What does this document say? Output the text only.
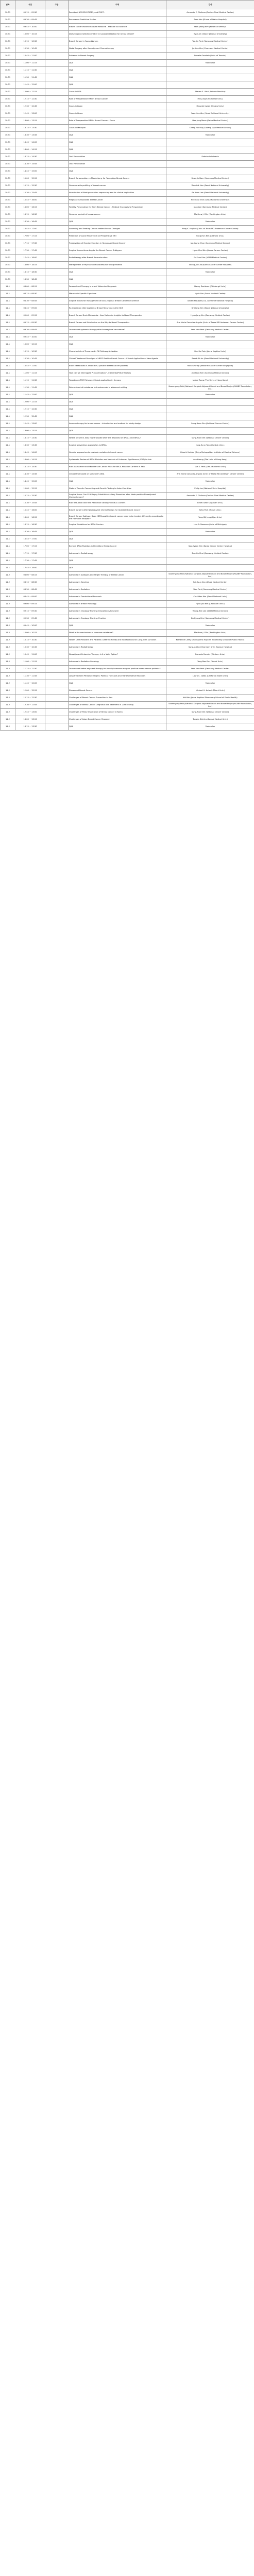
날짜	시간	구분	주제	강사
10.31	09:15 ~ 09:30		Results of ACOSOG Z0011, and Z1071	Armando E. Giuliano (Cedars-Sinai Medical Center)
10.31	09:30 ~ 09:45		Recurrence Predictive Marker	Soon Yoo (Prince of Wales Hospital)
10.31	09:45 ~ 10:00		Breast cancer evidence-based medicine - Practice to Evidence	Yeon-Jeong Kim (Yonsei University)
10.31	10:00 ~ 10:15		Does surgeon selection matter in surgical resection for breast cancer?	Hyun-Jin (Seoul National University)
10.31	10:15 ~ 10:30		Breast Cancer in Young Women	Yoo-Jin Park (Samsung Medical Center)
10.31	10:30 ~ 10:45		Nodal Surgery after Neoadjuvant Chemotherapy	Jin-Hee Kim (Chonnam Medical Center)
10.31	10:45 ~ 11:00		Evidence in Breast Surgery	Pamela Goodwin (Univ. of Toronto)
10.31	11:00 ~ 11:15		Q&A	Moderator
10.31	11:15 ~ 11:30		Q&A	
10.31	11:30 ~ 11:45		Q&A	
10.31	11:45 ~ 12:00		Q&A	
10.31	12:00 ~ 12:15		Cases in USA	Steven E. Vidal (Private Practice)
10.31	12:15 ~ 12:30		Role of Preoperative MRI in Breast Cancer	Min-Jung Kim (Yonsei Univ.)
10.31	12:30 ~ 12:45		Cases in Japan	Hiroyuki Iwase (Kyushu Univ.)
10.31	12:45 ~ 13:00		Cases in Korea	Yoon-Hee Ahn (Seoul National University)
10.31	13:00 ~ 13:15		Role of Preoperative MRI in Breast Cancer - Korea	Hee-Jung Moon (Ewha Medical Center)
10.31	13:15 ~ 13:30		Cases in Malaysia	Cheng Hae Yip (Subang Jaya Medical Center)
10.31	13:30 ~ 13:45		Q&A	Moderator
10.31	13:45 ~ 14:00		Q&A	
10.31	14:00 ~ 14:15		Q&A	
10.31	14:15 ~ 14:30		Oral Presentation	Selected abstracts
10.31	14:30 ~ 14:45		Oral Presentation	
10.31	14:45 ~ 15:00		Q&A	
10.31	15:00 ~ 15:15		Breast Conservation vs Mastectomy for Young Age Breast Cancer	Seok-Jin Nam (Samsung Medical Center)
10.31	15:15 ~ 15:30		Genome-wide profiling of breast cancer	Wonshik Han (Seoul National University)
10.31	15:30 ~ 15:45		Introduction of Next generation sequencing and its clinical implication	Se-Hoon Lee (Seoul National University)
10.31	15:45 ~ 16:00		Pregnancy-associated Breast Cancer	Hee-Chul Shin (Seoul National University)
10.31	16:00 ~ 16:15		Fertility Preservation for Early Breast Cancer - Medical Oncologist's Perspectives	Jean Lee (Samsung Medical Center)
10.31	16:15 ~ 16:30		Genomic portrait of breast cancer	Matthew J. Ellis (Washington Univ.)
10.31	16:30 ~ 16:45		Q&A	Moderator
10.31	16:45 ~ 17:00		Assessing and Treating Cancer-related Sexual Changes	Mary K. Hughes (Univ. of Texas MD Anderson Cancer Center)
10.31	17:00 ~ 17:15		Prediction of Local Recurrence on Preoperative MRI	Sung-Hun Kim (Catholic Univ.)
10.31	17:15 ~ 17:30		Preservation of Ovarian Function in Young Age Breast Cancer	Joo-Young Chun (Samsung Medical Center)
10.31	17:30 ~ 17:45		Surgical Issues According to the Breast Cancer Subtypes	Hyun-Chul Kim (Korea Cancer Center)
10.31	17:45 ~ 18:00		Radiotherapy after Breast Reconstruction	Su Ssan Kim (ASAN Medical Center)
10.31	18:00 ~ 18:15		Management of Psycho-social Distress for Young Patients	Seong-Jin Cho (Korea Cancer Center Hospital)
10.31	18:15 ~ 18:30		Q&A	Moderator
10.31	18:30 ~ 18:45		Q&A	
11.1	08:00 ~ 08:15		Personalized Therapy in era of Molecular Diagnosis	Nancy Davidson (Pittsburgh Univ.)
11.1	08:15 ~ 08:30		Metastasis Specific Signature	Hyuk Son (Seoul Medical Center)
11.1	08:30 ~ 08:45		Surgical Issues for Management of local-regional Breast Cancer Recurrence	Gilbert Mousset (CSL Loire International Hospital)
11.1	08:45 ~ 09:00		Re-irradiation after ipsilateral Breast Recurrence after BCS	Ghi-Yong Kim (Seoul National University)
11.1	09:00 ~ 09:15		Breast Cancer Brain Metastasis - How Molecular Insights to Novel Therapeutics	Hyun-Jong Kim (Samsung Medical Center)
11.1	09:15 ~ 09:30		Breast Cancer and Metabolism on the Way to Novel Therapeutics	Ana Maria Gonzalez-Angulo (Univ. of Texas MD Anderson Cancer Center)
11.1	09:30 ~ 09:45		Do we need systemic therapy after locoregional recurrence?	Yeon Hee Park (Samsung Medical Center)
11.1	09:45 ~ 10:00		Q&A	Moderator
11.1	10:00 ~ 10:15		Q&A	
11.1	10:15 ~ 10:30		Characteristic of Tumors with PIK Pathway Activation	Ben Ho Park (Johns Hopkins Univ.)
11.1	10:30 ~ 10:45		Clinical Treatment Paradigm of HER2 Positive Breast Cancer - Clinical Application of New Agents	Seock-Ah Im (Seoul National University)
11.1	10:45 ~ 11:00		Brain Metastases in Asian HER2-positive breast cancer patients	Yoon-Sim Yap (National Cancer Centre Singapore)
11.1	11:00 ~ 11:15		How can we interrogate PI3K activation? - Elements/PI3K Inhibitors	Jin-Hwan Kim (Samsung Medical Center)
11.1	11:15 ~ 11:30		Targeting mTOR Pathway: Clinical application in therapy	Janice Tsang (The Univ. of Hong Kong)
11.1	11:30 ~ 11:45		Determinant of resistance to trastuzumab in advanced setting	Soonmyung Paik (National Surgical Adjuvant Breast and Bowel Project/NSABP Foundation, Inc.)
11.1	11:45 ~ 12:00		Q&A	Moderator
11.1	12:00 ~ 12:15		Q&A	
11.1	12:15 ~ 12:30		Q&A	
11.1	12:30 ~ 12:45		Q&A	
11.1	12:45 ~ 13:00		Immunotherapy for breast cancer - introduction and method for study design	Sung-Hoon Sim (National Cancer Center)
11.1	13:00 ~ 13:15		Q&A	
11.1	13:15 ~ 13:30		Where are we in Asia, how translate after the discovery of BRCA1 and BRCA2	Sung-Yoon Kim (National Cancer Center)
11.1	13:30 ~ 13:45		Surgical prevention approaches to BRCA	Jung-Hyun Yang (Konkuk Univ.)
11.1	13:45 ~ 14:00		Genetic approaches to evaluate mutation in breast cancer	Hiroshi Yoshida (Tokyo Metropolitan Institute of Medical Science)
11.1	14:00 ~ 14:15		Systematic Review of BRCA Mutation and Variants of Unknown Significance (VUS) in Asia	Ava Kwong (The Univ. of Hong Kong)
11.1	14:15 ~ 14:30		Risk Assessment and Modifiers of Cancer Risks for BRCA Mutation Carriers in Asia	Sue K. Park (Seoul National Univ.)
11.1	14:30 ~ 14:45		Clinical trial based on someone's DNA	Ana Maria Gonzalez-Angulo (Univ. of Texas MD Anderson Cancer Center)
11.1	14:45 ~ 15:00		Q&A	Moderator
11.1	15:00 ~ 15:15		State of Genetic Counseling and Genetic Testing in Asian Countries	Philip Iau (National Univ. Hospital)
11.1	15:15 ~ 15:30		Surgical Issue: Can SLN Biopsy Substitute Axillary Dissection after Node-positive Neoadjuvant Chemotherapy?	Armando E. Giuliano (Cedars-Sinai Medical Center)
11.1	15:30 ~ 15:45		Risk Reduction and Risk Reduction Strategy in BRCA Carriers	Beom-Seok Ko (Ulsan Univ.)
11.1	15:45 ~ 16:00		Breast Surgery after Neoadjuvant Chemotherapy for Operable Breast Cancer	Seho Park (Yonsei Univ.)
11.1	16:00 ~ 16:15		Breast Cancer Subtype: Does HER2-positive breast cancer need to be treated differently according to the Hormone receptor?	Yong-Sik Jung (Ajou Univ.)
11.1	16:15 ~ 16:30		Surgical Guidelines for BRCA Carriers	Lisa A. Newman (Univ. of Michigan)
11.1	16:30 ~ 16:45		Q&A	Moderator
11.1	16:45 ~ 17:00		Q&A	
11.1	17:00 ~ 17:15		Beyond BRCA Mutation in Hereditary Breast Cancer	Soo-Hyeon Kim (Korea Cancer Center Hospital)
11.1	17:15 ~ 17:30		Advances in Radiotherapy	Doo Ho Choi (Samsung Medical Center)
11.1	17:30 ~ 17:45		Q&A	
11.1	17:45 ~ 18:00		Q&A	
11.2	08:00 ~ 08:15		Advances in Subtypes and Target Therapy of Breast Cancer	Soonmyung Paik (National Surgical Adjuvant Breast and Bowel Project/NSABP Foundation, Inc.)
11.2	08:15 ~ 08:30		Advances in Genetics	Sei-Hyun Ahn (ASAN Medical Center)
11.2	08:30 ~ 08:45		Advances in Radiation	Won Park (Samsung Medical Center)
11.2	08:45 ~ 09:00		Advances in Translational Research	Chul-Woo Kim (Seoul National Univ.)
11.2	09:00 ~ 09:15		Advances in Breast Pathology	Hyun-Joo Kim (Chonnam Univ.)
11.2	09:15 ~ 09:30		Advances in Oncology Nursing: Education & Research	Young-Hee Lee (ASAN Medical Center)
11.2	09:30 ~ 09:45		Advances in Oncology Nursing: Practice	Bo Kyung Kim (Samsung Medical Center)
11.2	09:45 ~ 10:00		Q&A	Moderator
11.2	10:00 ~ 10:15		What is the mechanism of hormone resistance?	Matthew J. Ellis (Washington Univ.)
11.2	10:15 ~ 10:30		Health Care Providers and Patients: Different Needs and Modifications for Long-Term Survivors	Katherine Carey Smith (Johns Hopkins Bloomberg School of Public Health)
11.2	10:30 ~ 10:45		Advances in Radiotherapy	Sung-Ja Ahn (Chonnam Univ. Hwasun Hospital)
11.2	10:45 ~ 11:00		Neoadjuvant Endocrine Therapy: Is It a Valid Option?	Francois Mercier (Western Univ.)
11.2	11:00 ~ 11:15		Advances in Radiation Oncology	Yong Bae Kim (Yonsei Univ.)
11.2	11:15 ~ 11:30		Do we need better adjuvant therapy for elderly hormone-receptor positive breast cancer patients?	Yeon Hee Park (Samsung Medical Center)
11.2	11:30 ~ 11:45		Long-Treatment Personal Insights: Political Forecasts and Transformative Measures	Laura C. Ojeda (California State Univ.)
11.2	11:45 ~ 12:00		Q&A	Moderator
11.2	12:00 ~ 12:15		Stress and Breast Cancer	Michael H. Antoni (Miami Univ.)
11.2	12:15 ~ 12:30		Challenges of Breast Cancer Prevention in Asia	Kai Kok (Johns Hopkins Bloomberg School of Public Health)
11.2	12:30 ~ 12:45		Challenges of Breast Cancer Diagnosis and Treatment in 21st century	Soonmyung Paik (National Surgical Adjuvant Breast and Bowel Project/NSABP Foundation, Inc.)
11.2	12:45 ~ 13:00		Challenges of Policy Implication of Breast Cancer in Korea	Sung-Yoon Kim (National Cancer Center)
11.2	13:00 ~ 13:15		Challenges of Asian Breast Cancer Research	Tanaka Shinjiro (Kansai Medical Univ.)
11.2	13:15 ~ 13:30		Q&A	Moderator
